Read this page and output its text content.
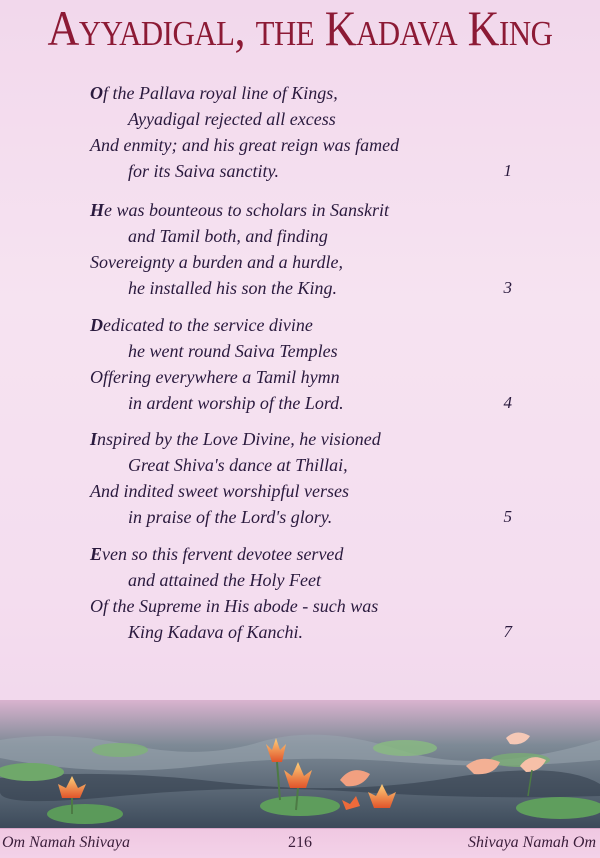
Ayyadigal, the Kadava King
Of the Pallava royal line of Kings,
Ayyadigal rejected all excess
And enmity; and his great reign was famed
for its Saiva sanctity.	1
He was bounteous to scholars in Sanskrit
and Tamil both, and finding
Sovereignty a burden and a hurdle,
he installed his son the King.	3
Dedicated to the service divine
he went round Saiva Temples
Offering everywhere a Tamil hymn
in ardent worship of the Lord.	4
Inspired by the Love Divine, he visioned
Great Shiva's dance at Thillai,
And indited sweet worshipful verses
in praise of the Lord's glory.	5
Even so this fervent devotee served
and attained the Holy Feet
Of the Supreme in His abode - such was
King Kadava of Kanchi.	7
Om Namah Shivaya	216	Shivaya Namah Om
